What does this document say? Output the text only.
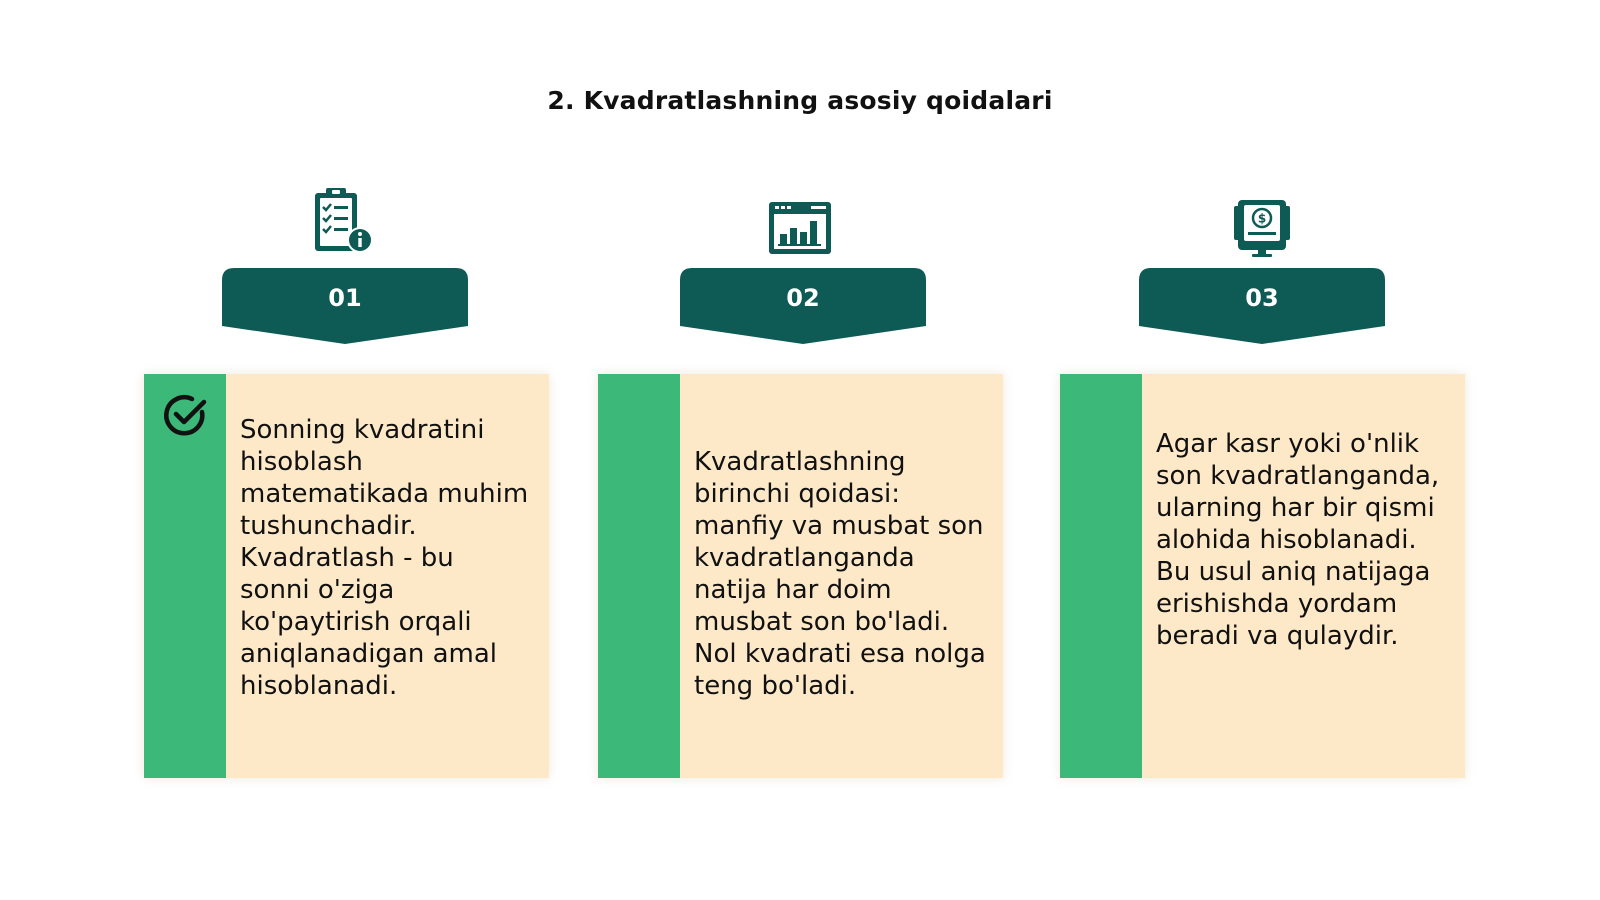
2. Kvadratlashning asosiy qoidalari
01
Sonning kvadratini hisoblash matematikada muhim tushunchadir. Kvadratlash - bu sonni o'ziga ko'paytirish orqali aniqlanadigan amal hisoblanadi.
02
Kvadratlashning birinchi qoidasi: manfiy va musbat son kvadratlanganda natija har doim musbat son bo'ladi. Nol kvadrati esa nolga teng bo'ladi.
$
03
Agar kasr yoki o'nlik son kvadratlanganda, ularning har bir qismi alohida hisoblanadi. Bu usul aniq natijaga erishishda yordam beradi va qulaydir.
